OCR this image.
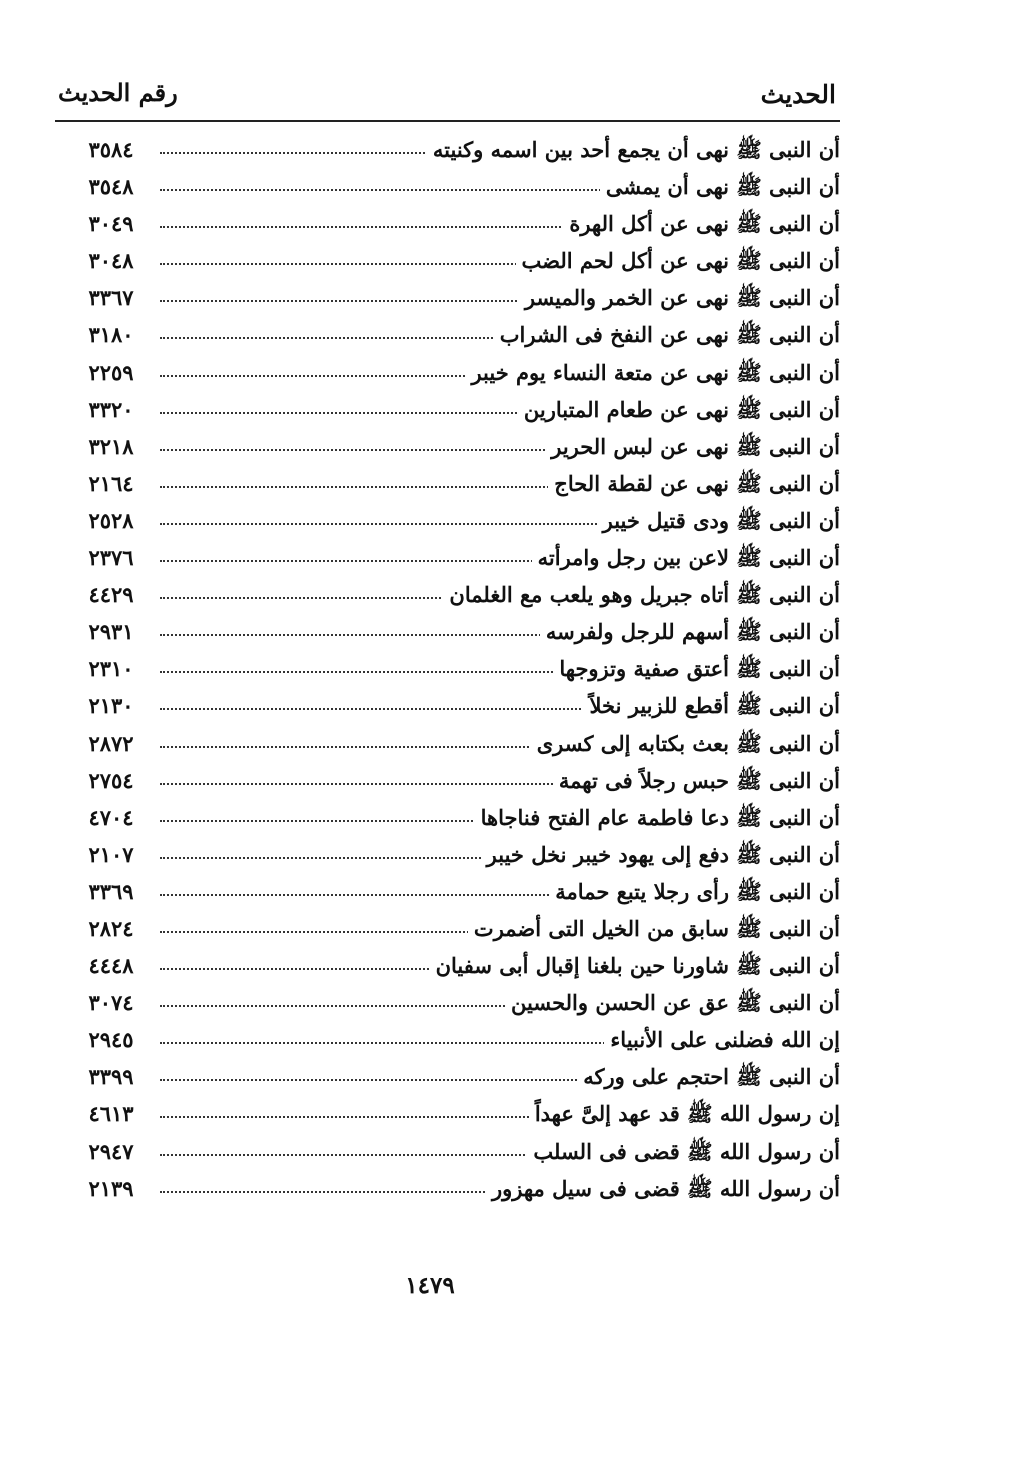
الحديث
رقم الحديث
٣٥٨٤	أن النبى ﷺ نهى أن يجمع أحد بين اسمه وكنيته
٣٥٤٨	أن النبى ﷺ نهى أن يمشى
٣٠٤٩	أن النبى ﷺ نهى عن أكل الهرة
٣٠٤٨	أن النبى ﷺ نهى عن أكل لحم الضب
٣٣٦٧	أن النبى ﷺ نهى عن الخمر والميسر
٣١٨٠	أن النبى ﷺ نهى عن النفخ فى الشراب
٢٢٥٩	أن النبى ﷺ نهى عن متعة النساء يوم خيبر
٣٣٢٠	أن النبى ﷺ نهى عن طعام المتبارين
٣٢١٨	أن النبى ﷺ نهى عن لبس الحرير
٢١٦٤	أن النبى ﷺ نهى عن لقطة الحاج
٢٥٢٨	أن النبى ﷺ ودى قتيل خيبر
٢٣٧٦	أن النبى ﷺ لاعن بين رجل وامرأته
٤٤٢٩	أن النبى ﷺ أتاه جبريل وهو يلعب مع الغلمان
٢٩٣١	أن النبى ﷺ أسهم للرجل ولفرسه
٢٣١٠	أن النبى ﷺ أعتق صفية وتزوجها
٢١٣٠	أن النبى ﷺ أقطع للزبير نخلاً
٢٨٧٢	أن النبى ﷺ بعث بكتابه إلى كسرى
٢٧٥٤	أن النبى ﷺ حبس رجلاً فى تهمة
٤٧٠٤	أن النبى ﷺ دعا فاطمة عام الفتح فناجاها
٢١٠٧	أن النبى ﷺ دفع إلى يهود خيبر نخل خيبر
٣٣٦٩	أن النبى ﷺ رأى رجلا يتبع حمامة
٢٨٢٤	أن النبى ﷺ سابق من الخيل التى أضمرت
٤٤٤٨	أن النبى ﷺ شاورنا حين بلغنا إقبال أبى سفيان
٣٠٧٤	أن النبى ﷺ عق عن الحسن والحسين
٢٩٤٥	إن الله فضلنى على الأنبياء
٣٣٩٩	أن النبى ﷺ احتجم على وركه
٤٦١٣	إن رسول الله ﷺ قد عهد إلىَّ عهداً
٢٩٤٧	أن رسول الله ﷺ قضى فى السلب
٢١٣٩	أن رسول الله ﷺ قضى فى سيل مهزور
١٤٧٩
